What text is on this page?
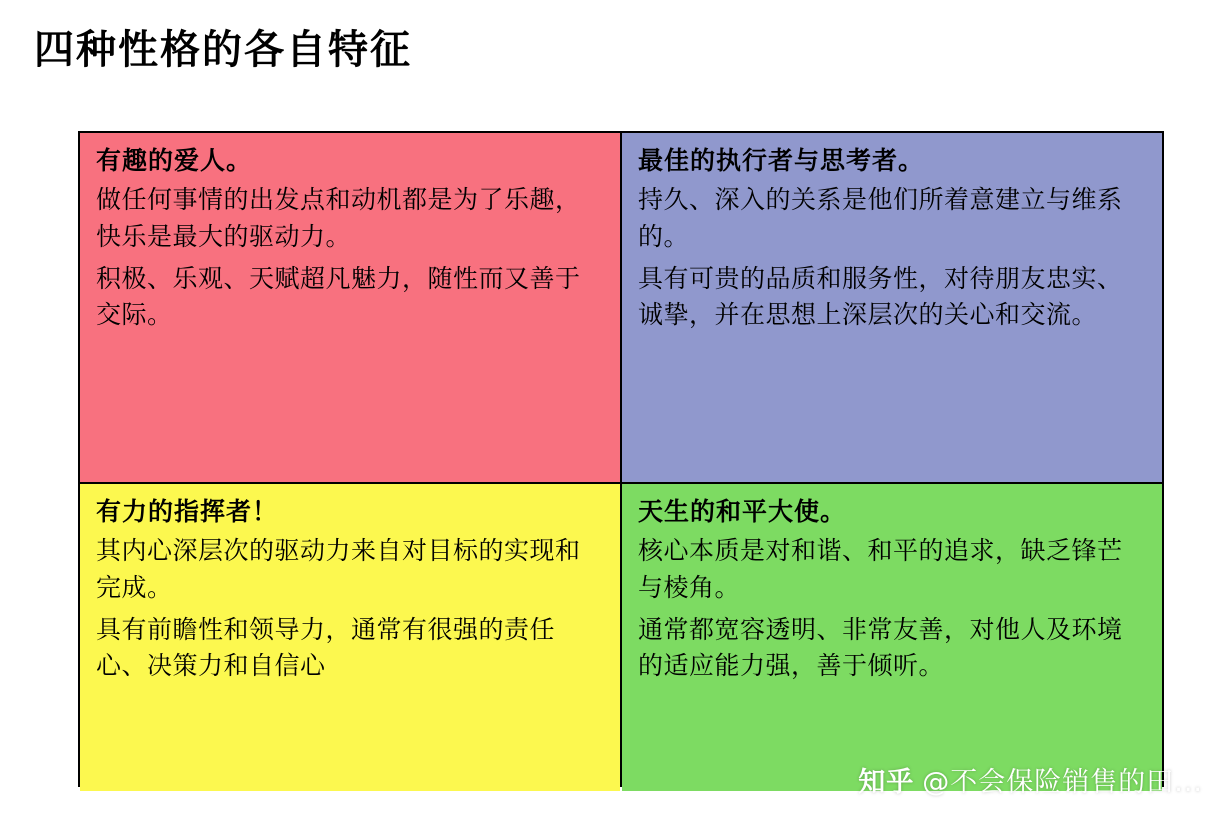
四种性格的各自特征
有趣的爱人。

做任何事情的出发点和动机都是为了乐趣，快乐是最大的驱动力。

积极、乐观、天赋超凡魅力，随性而又善于交际。

最佳的执行者与思考者。

持久、深入的关系是他们所着意建立与维系的。

具有可贵的品质和服务性，对待朋友忠实、诚挚，并在思想上深层次的关心和交流。

有力的指挥者！

其内心深层次的驱动力来自对目标的实现和完成。

具有前瞻性和领导力，通常有很强的责任心、决策力和自信心

天生的和平大使。

核心本质是对和谐、和平的追求，缺乏锋芒与棱角。

通常都宽容透明、非常友善，对他人及环境的适应能力强，善于倾听。

知乎 @不会保险销售的田...
